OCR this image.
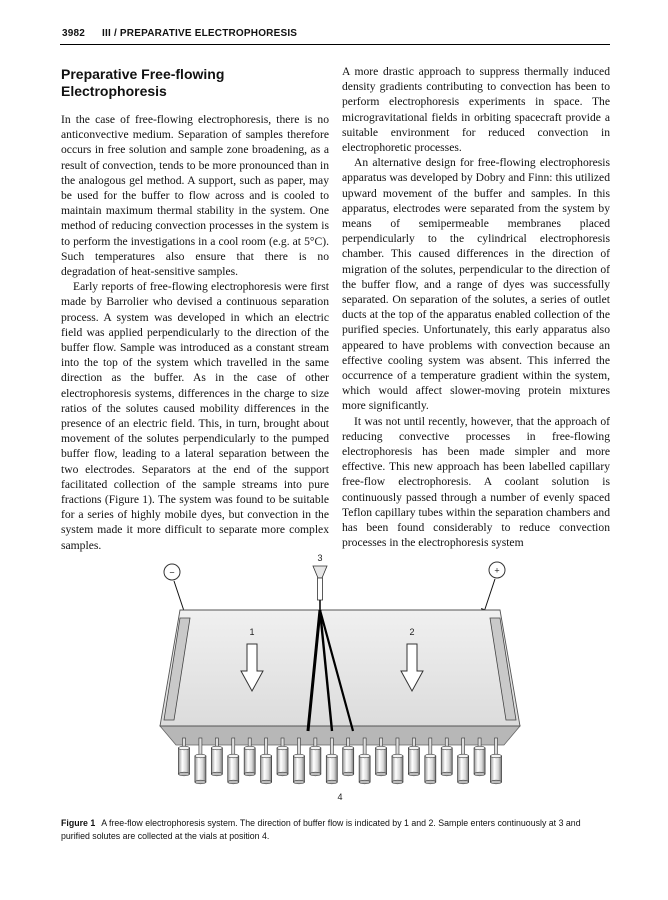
3982 III / PREPARATIVE ELECTROPHORESIS
Preparative Free-flowing Electrophoresis

In the case of free-flowing electrophoresis, there is no anticonvective medium. Separation of samples therefore occurs in free solution and sample zone broadening, as a result of convection, tends to be more pronounced than in the analogous gel method. A support, such as paper, may be used for the buffer to flow across and is cooled to maintain maximum thermal stability in the system. One method of reducing convection processes in the system is to perform the investigations in a cool room (e.g. at 5°C). Such temperatures also ensure that there is no degradation of heat-sensitive samples.

Early reports of free-flowing electrophoresis were first made by Barrolier who devised a continuous separation process. A system was developed in which an electric field was applied perpendicularly to the direction of the buffer flow. Sample was introduced as a constant stream into the top of the system which travelled in the same direction as the buffer. As in the case of other electrophoresis systems, differences in the charge to size ratios of the solutes caused mobility differences in the presence of an electric field. This, in turn, brought about movement of the solutes perpendicularly to the pumped buffer flow, leading to a lateral separation between the two electrodes. Separators at the end of the support facilitated collection of the sample streams into pure fractions (Figure 1). The system was found to be suitable for a series of highly mobile dyes, but convection in the system made it more difficult to separate more complex samples.

A more drastic approach to suppress thermally induced density gradients contributing to convection has been to perform electrophoresis experiments in space. The microgravitational fields in orbiting spacecraft provide a suitable environment for reduced convection in electrophoretic processes.

An alternative design for free-flowing electrophoresis apparatus was developed by Dobry and Finn: this utilized upward movement of the buffer and samples. In this apparatus, electrodes were separated from the system by means of semipermeable membranes placed perpendicularly to the cylindrical electrophoresis chamber. This caused differences in the direction of migration of the solutes, perpendicular to the direction of the buffer flow, and a range of dyes was successfully separated. On separation of the solutes, a series of outlet ducts at the top of the apparatus enabled collection of the purified species. Unfortunately, this early apparatus also appeared to have problems with convection because an effective cooling system was absent. This inferred the occurrence of a temperature gradient within the system, which would affect slower-moving protein mixtures more significantly.

It was not until recently, however, that the approach of reducing convective processes in free-flowing electrophoresis has been made simpler and more effective. This new approach has been labelled capillary free-flow electrophoresis. A coolant solution is continuously passed through a number of evenly spaced Teflon capillary tubes within the separation chambers and has been found considerably to reduce convection processes in the electrophoresis system

−	+
3
1	2
4
Figure 1 A free-flow electrophoresis system. The direction of buffer flow is indicated by 1 and 2. Sample enters continuously at 3 and purified solutes are collected at the vials at position 4.
